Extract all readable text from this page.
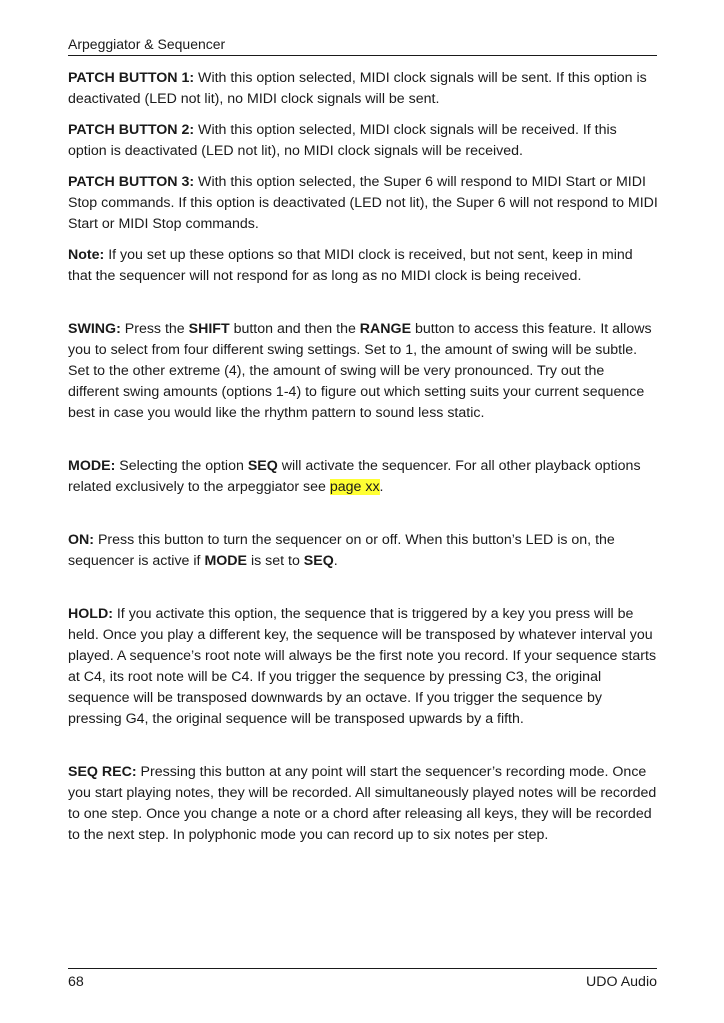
Arpeggiator & Sequencer

PATCH BUTTON 1: With this option selected, MIDI clock signals will be sent. If this option is deactivated (LED not lit), no MIDI clock signals will be sent.

PATCH BUTTON 2: With this option selected, MIDI clock signals will be received. If this option is deactivated (LED not lit), no MIDI clock signals will be received.

PATCH BUTTON 3: With this option selected, the Super 6 will respond to MIDI Start or MIDI Stop commands. If this option is deactivated (LED not lit), the Super 6 will not respond to MIDI Start or MIDI Stop commands.

Note: If you set up these options so that MIDI clock is received, but not sent, keep in mind that the sequencer will not respond for as long as no MIDI clock is being received.

SWING: Press the SHIFT button and then the RANGE button to access this feature. It allows you to select from four different swing settings. Set to 1, the amount of swing will be subtle. Set to the other extreme (4), the amount of swing will be very pronounced. Try out the different swing amounts (options 1-4) to figure out which setting suits your current sequence best in case you would like the rhythm pattern to sound less static.

MODE: Selecting the option SEQ will activate the sequencer. For all other playback options related exclusively to the arpeggiator see page xx.

ON: Press this button to turn the sequencer on or off. When this button’s LED is on, the sequencer is active if MODE is set to SEQ.

HOLD: If you activate this option, the sequence that is triggered by a key you press will be held. Once you play a different key, the sequence will be transposed by whatever interval you played. A sequence’s root note will always be the first note you record. If your sequence starts at C4, its root note will be C4. If you trigger the sequence by pressing C3, the original sequence will be transposed downwards by an octave. If you trigger the sequence by pressing G4, the original sequence will be transposed upwards by a fifth.

SEQ REC: Pressing this button at any point will start the sequencer’s recording mode. Once you start playing notes, they will be recorded. All simultaneously played notes will be recorded to one step. Once you change a note or a chord after releasing all keys, they will be recorded to the next step. In polyphonic mode you can record up to six notes per step.

68	UDO Audio
